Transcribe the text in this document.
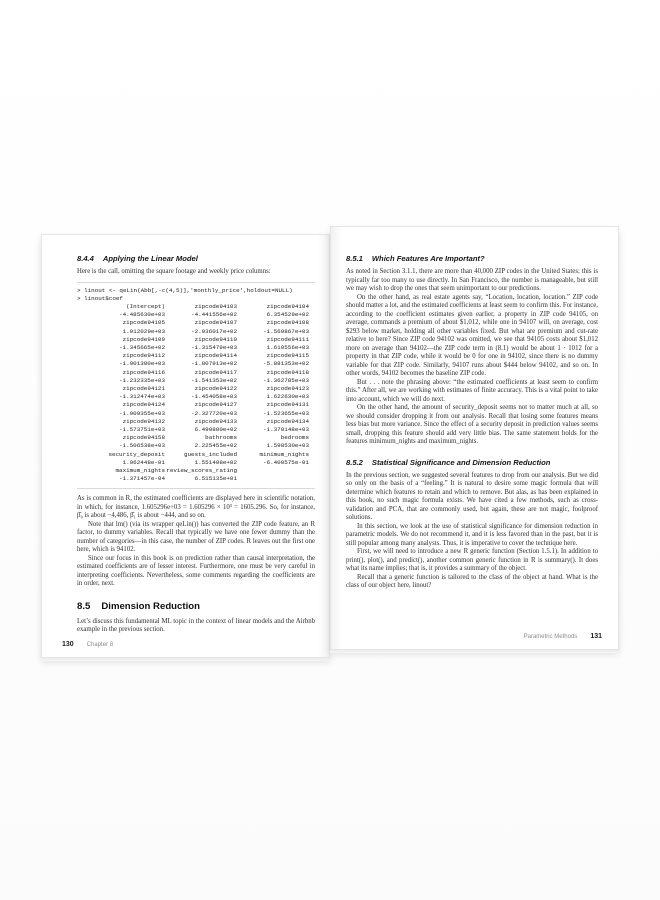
8.4.4 Applying the Linear Model

Here is the call, omitting the square footage and weekly price columns:

> linout <- qeLin(Abb[,-c(4,5)],'monthly_price',holdout=NULL)
> linout$coef
(Intercept)	zipcode94103	zipcode94104
-4.485630e+03	-4.441556e+02	6.354529e+02
zipcode94105	zipcode94107	zipcode94108
1.012029e+03	-2.936017e+02	-1.569867e+03
zipcode94109	zipcode94110	zipcode94111
-1.345665e+02	-1.315479e+03	1.610556e+03
zipcode94112	zipcode94114	zipcode94115
-1.901300e+03	-1.807913e+02	-5.881353e+02
zipcode94116	zipcode94117	zipcode94118
-1.232335e+03	-1.541353e+02	-1.362785e+03
zipcode94121	zipcode94122	zipcode94123
-1.312474e+03	-1.454058e+03	1.622630e+03
zipcode94124	zipcode94127	zipcode94131
-1.909355e+03	-2.327720e+03	-1.523655e+03
zipcode94132	zipcode94133	zipcode94134
-1.573751e+03	6.490800e+02	-1.370148e+03
zipcode94158	bathrooms	bedrooms
-1.506538e+03	2.225455e+02	1.598530e+03
security_deposit	guests_included	minimum_nights
1.962448e-01	1.551498e+02	-6.400575e-01
maximum_nights review_scores_rating
-1.371457e-04	6.515135e+01

As is common in R, the estimated coefficients are displayed here in scientific notation, in which, for instance, 1.605296e+03 = 1.605296 × 10³ = 1605.296. So, for instance, β̂₀ is about −4,486, β̂₁ is about −444, and so on.

Note that lm() (via its wrapper qeLin()) has converted the ZIP code feature, an R factor, to dummy variables. Recall that typically we have one fewer dummy than the number of categories—in this case, the number of ZIP codes. R leaves out the first one here, which is 94102.

Since our focus in this book is on prediction rather than causal interpretation, the estimated coefficients are of lesser interest. Furthermore, one must be very careful in interpreting coefficients. Nevertheless, some comments regarding the coefficients are in order, next.

8.5 Dimension Reduction

Let’s discuss this fundamental ML topic in the context of linear models and the Airbnb example in the previous section.

130 Chapter 8
8.5.1 Which Features Are Important?

As noted in Section 3.1.1, there are more than 40,000 ZIP codes in the United States; this is typically far too many to use directly. In San Francisco, the number is manageable, but still we may wish to drop the ones that seem unimportant to our predictions.

On the other hand, as real estate agents say, “Location, location, location.” ZIP code should matter a lot, and the estimated coefficients at least seem to confirm this. For instance, according to the coefficient estimates given earlier, a property in ZIP code 94105, on average, commands a premium of about $1,012, while one in 94107 will, on average, cost $293 below market, holding all other variables fixed. But what are premium and cut-rate relative to here? Since ZIP code 94102 was omitted, we see that 94105 costs about $1,012 more on average than 94102—the ZIP code term in (8.1) would be about 1 · 1012 for a property in that ZIP code, while it would be 0 for one in 94102, since there is no dummy variable for that ZIP code. Similarly, 94107 runs about $444 below 94102, and so on. In other words, 94102 becomes the baseline ZIP code.

But . . . note the phrasing above: “the estimated coefficients at least seem to confirm this.” After all, we are working with estimates of finite accuracy. This is a vital point to take into account, which we will do next.

On the other hand, the amount of security_deposit seems not to matter much at all, so we should consider dropping it from our analysis. Recall that losing some features means less bias but more variance. Since the effect of a security deposit in prediction values seems small, dropping this feature should add very little bias. The same statement holds for the features minimum_nights and maximum_nights.

8.5.2 Statistical Significance and Dimension Reduction

In the previous section, we suggested several features to drop from our analysis. But we did so only on the basis of a “feeling.” It is natural to desire some magic formula that will determine which features to retain and which to remove. But alas, as has been explained in this book, no such magic formula exists. We have cited a few methods, such as cross-validation and PCA, that are commonly used, but again, these are not magic, foolproof solutions.

In this section, we look at the use of statistical significance for dimension reduction in parametric models. We do not recommend it, and it is less favored than in the past, but it is still popular among many analysts. Thus, it is imperative to cover the technique here.

First, we will need to introduce a new R generic function (Section 1.5.1). In addition to print(), plot(), and predict(), another common generic function in R is summary(). It does what its name implies; that is, it provides a summary of the object.

Recall that a generic function is tailored to the class of the object at hand. What is the class of our object here, linout?

Parametric Methods 131
